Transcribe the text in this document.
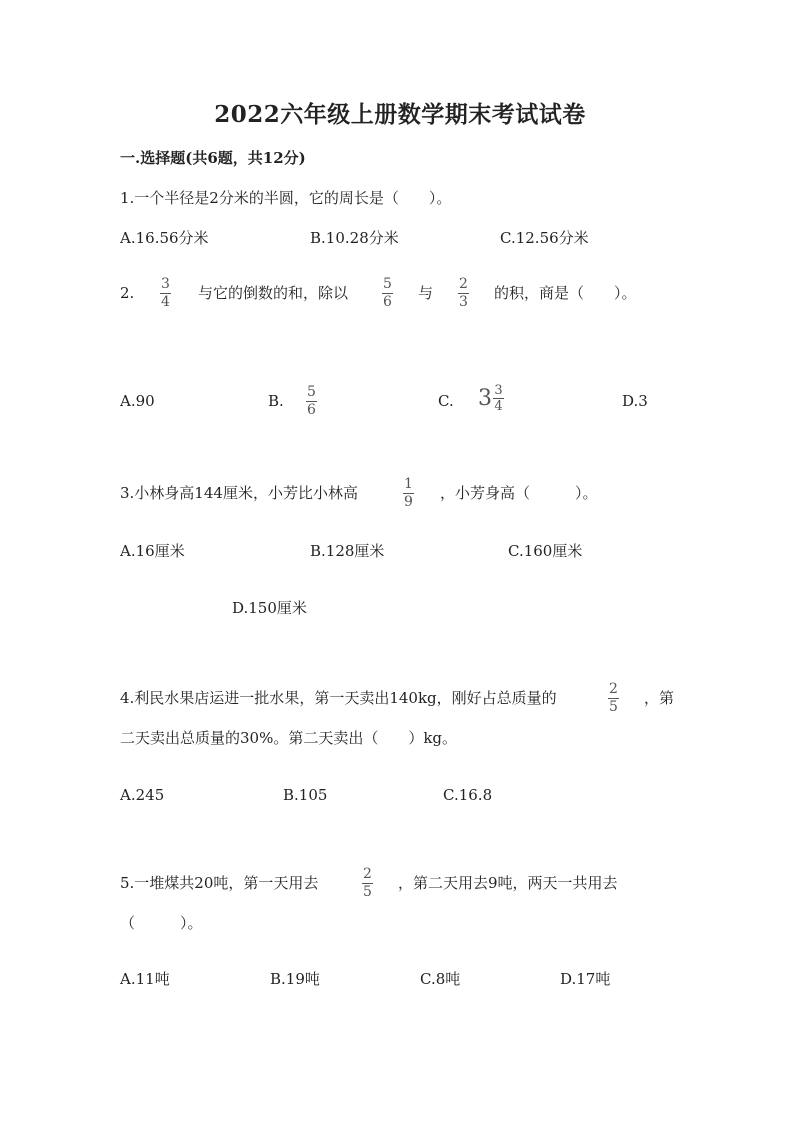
2022六年级上册数学期末考试试卷
一.选择题(共6题，共12分)
1.一个半径是2分米的半圆，它的周长是（　　）。
A.16.56分米	B.10.28分米	C.12.56分米
2. 3
4 与它的倒数的和，除以	5
6 与 2
3 的积，商是（　　）。
A.90	B. 5
6	C. $3 \frac{3}{4}$	D.3
3.小林身高144厘米，小芳比小林高	1
9 ，小芳身高（　　　）。
A.16厘米	B.128厘米	C.160厘米
D.150厘米
4.利民水果店运进一批水果，第一天卖出140kg，刚好占总质量的	2
5 ，第
二天卖出总质量的30%。第二天卖出（　　）kg。
A.245	B.105	C.16.8
5.一堆煤共20吨，第一天用去	2
5 ，第二天用去9吨，两天一共用去
（　　　）。
A.11吨	B.19吨	C.8吨	D.17吨
